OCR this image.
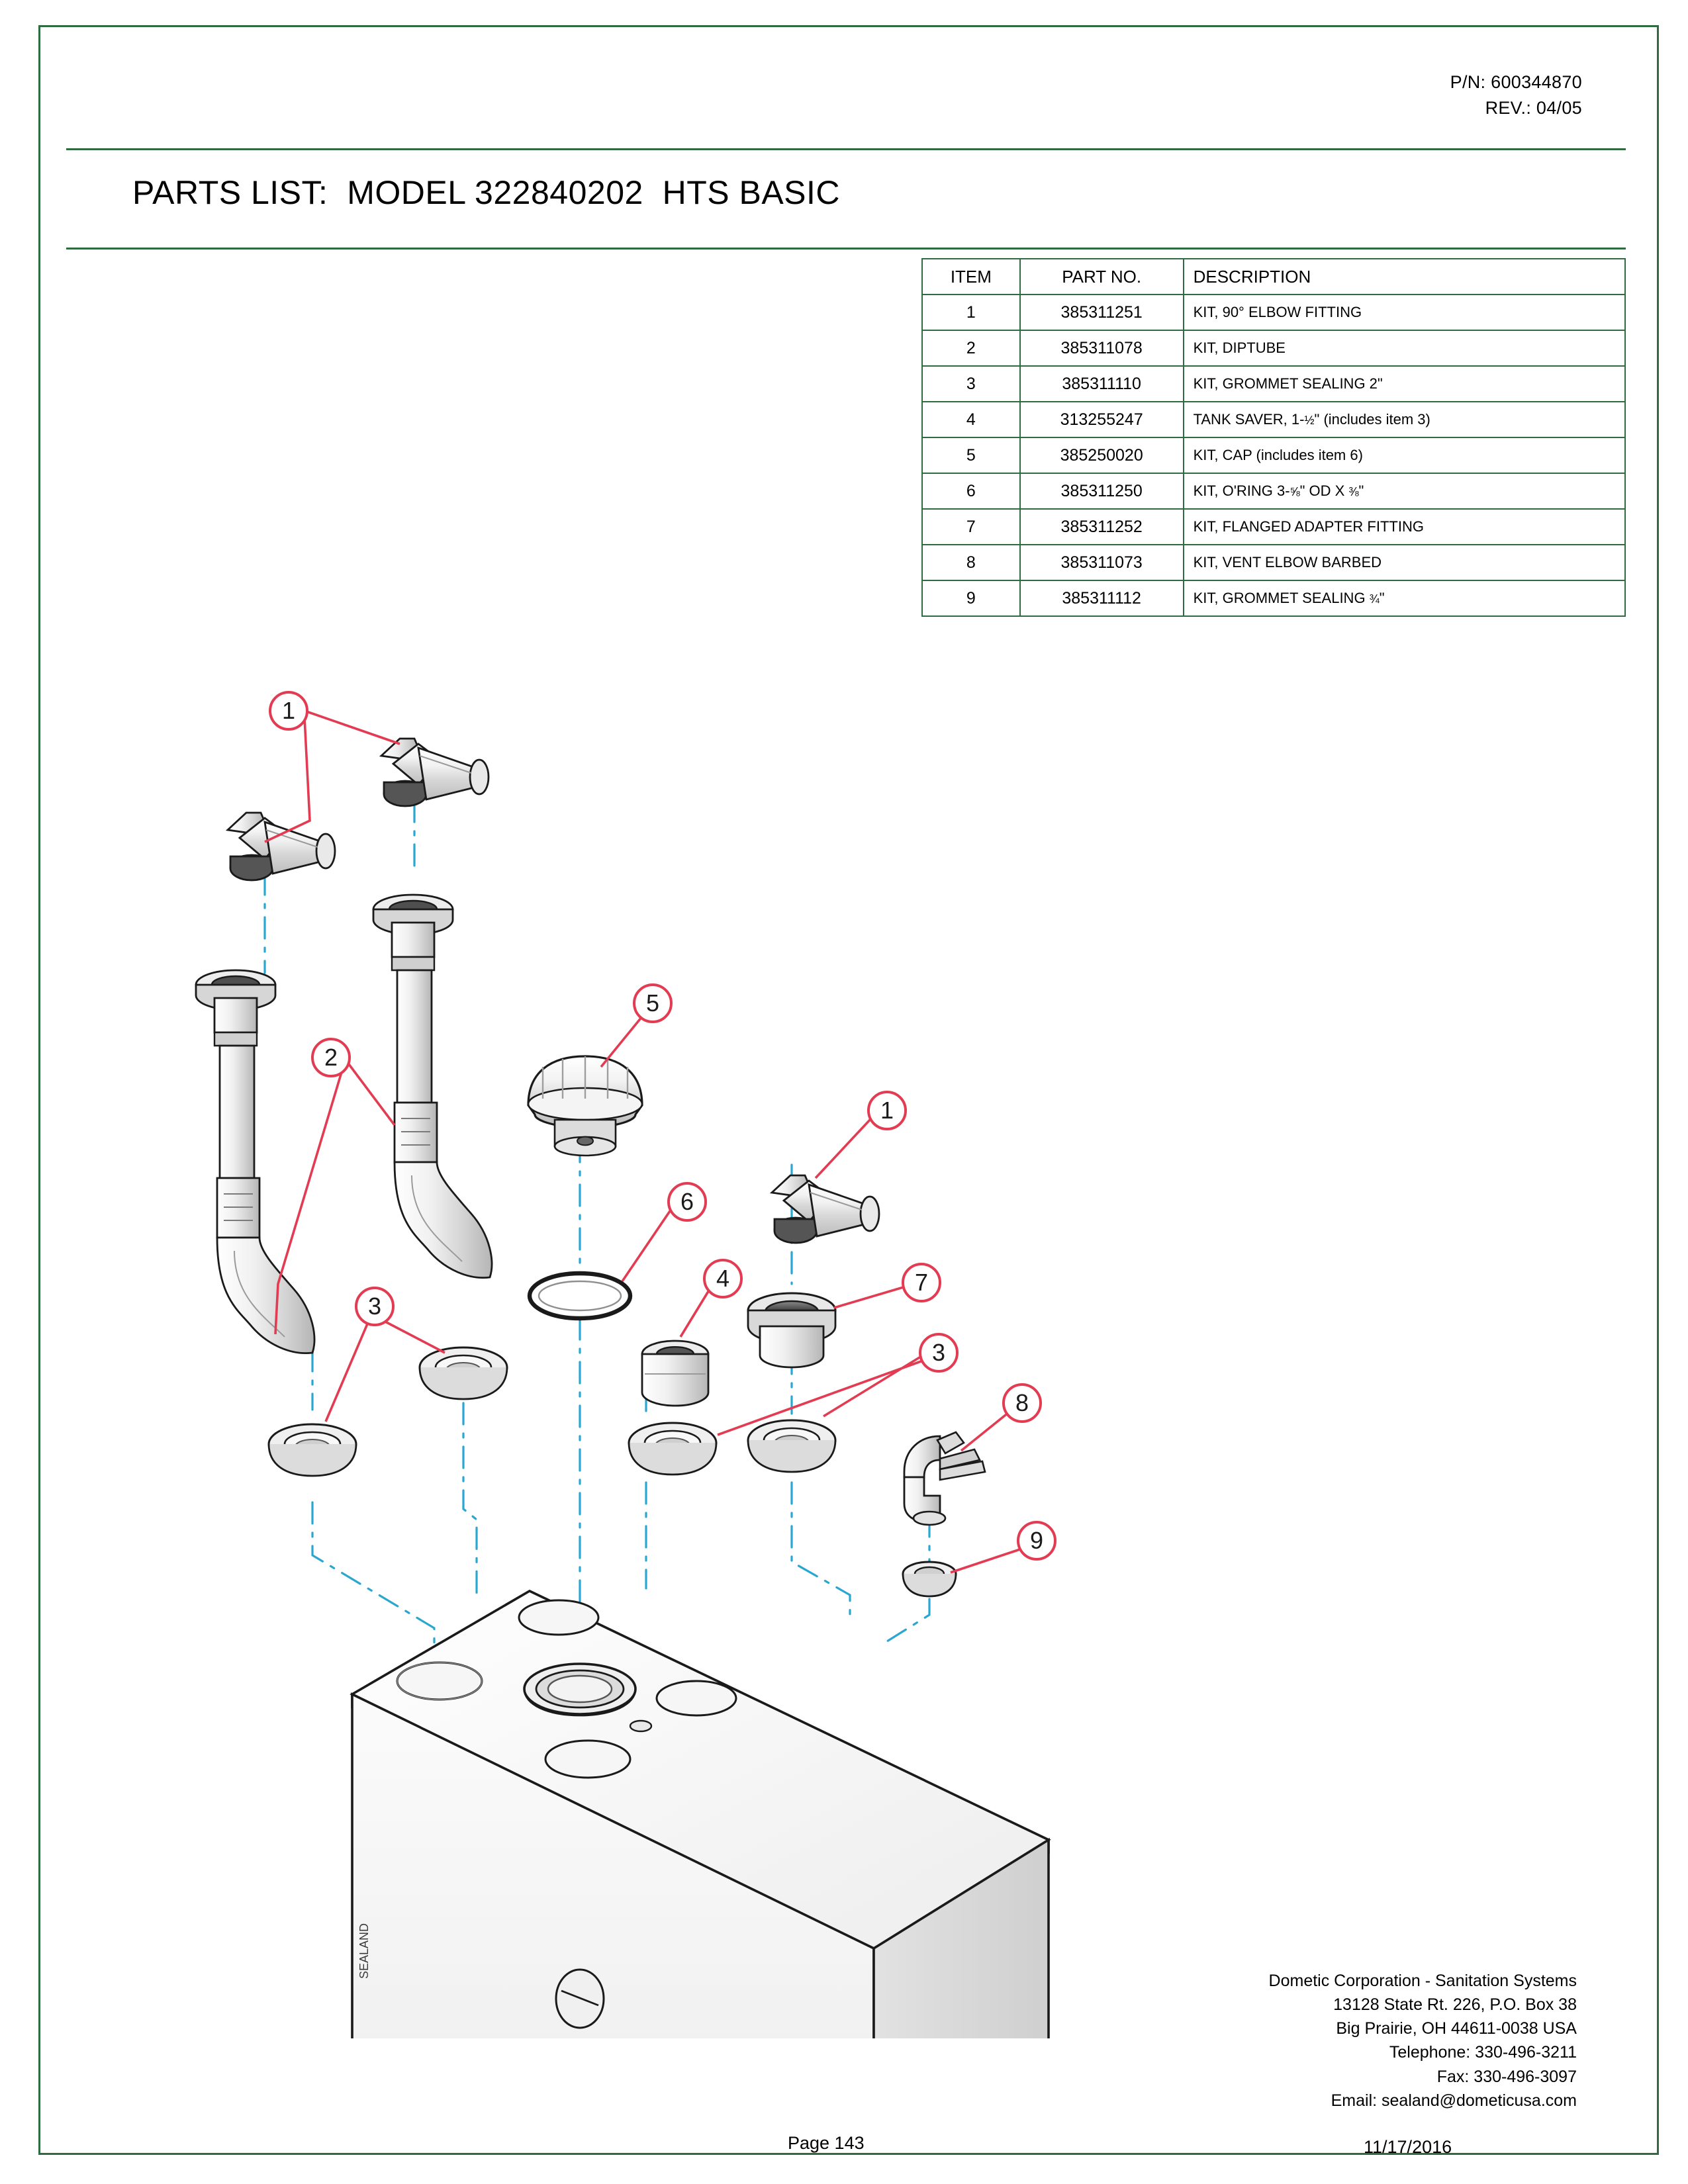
P/N: 600344870
REV.: 04/05
PARTS LIST:  MODEL 322840202  HTS BASIC
ITEM	PART NO.	DESCRIPTION
1	385311251	KIT, 90° ELBOW FITTING
2	385311078	KIT, DIPTUBE
3	385311110	KIT, GROMMET SEALING 2"
4	313255247	TANK SAVER, 1-½" (includes item 3)
5	385250020	KIT, CAP (includes item 6)
6	385311250	KIT, O'RING 3-⅝" OD X ⅜"
7	385311252	KIT, FLANGED ADAPTER FITTING
8	385311073	KIT, VENT ELBOW BARBED
9	385311112	KIT, GROMMET SEALING ¾"
SEALAND
1
2
5
1
6
4	7
3
3
8
9
Dometic Corporation - Sanitation Systems
13128 State Rt. 226, P.O. Box 38
Big Prairie, OH 44611-0038 USA
Telephone: 330-496-3211
Fax: 330-496-3097
Email: sealand@dometicusa.com
Page 143	11/17/2016
